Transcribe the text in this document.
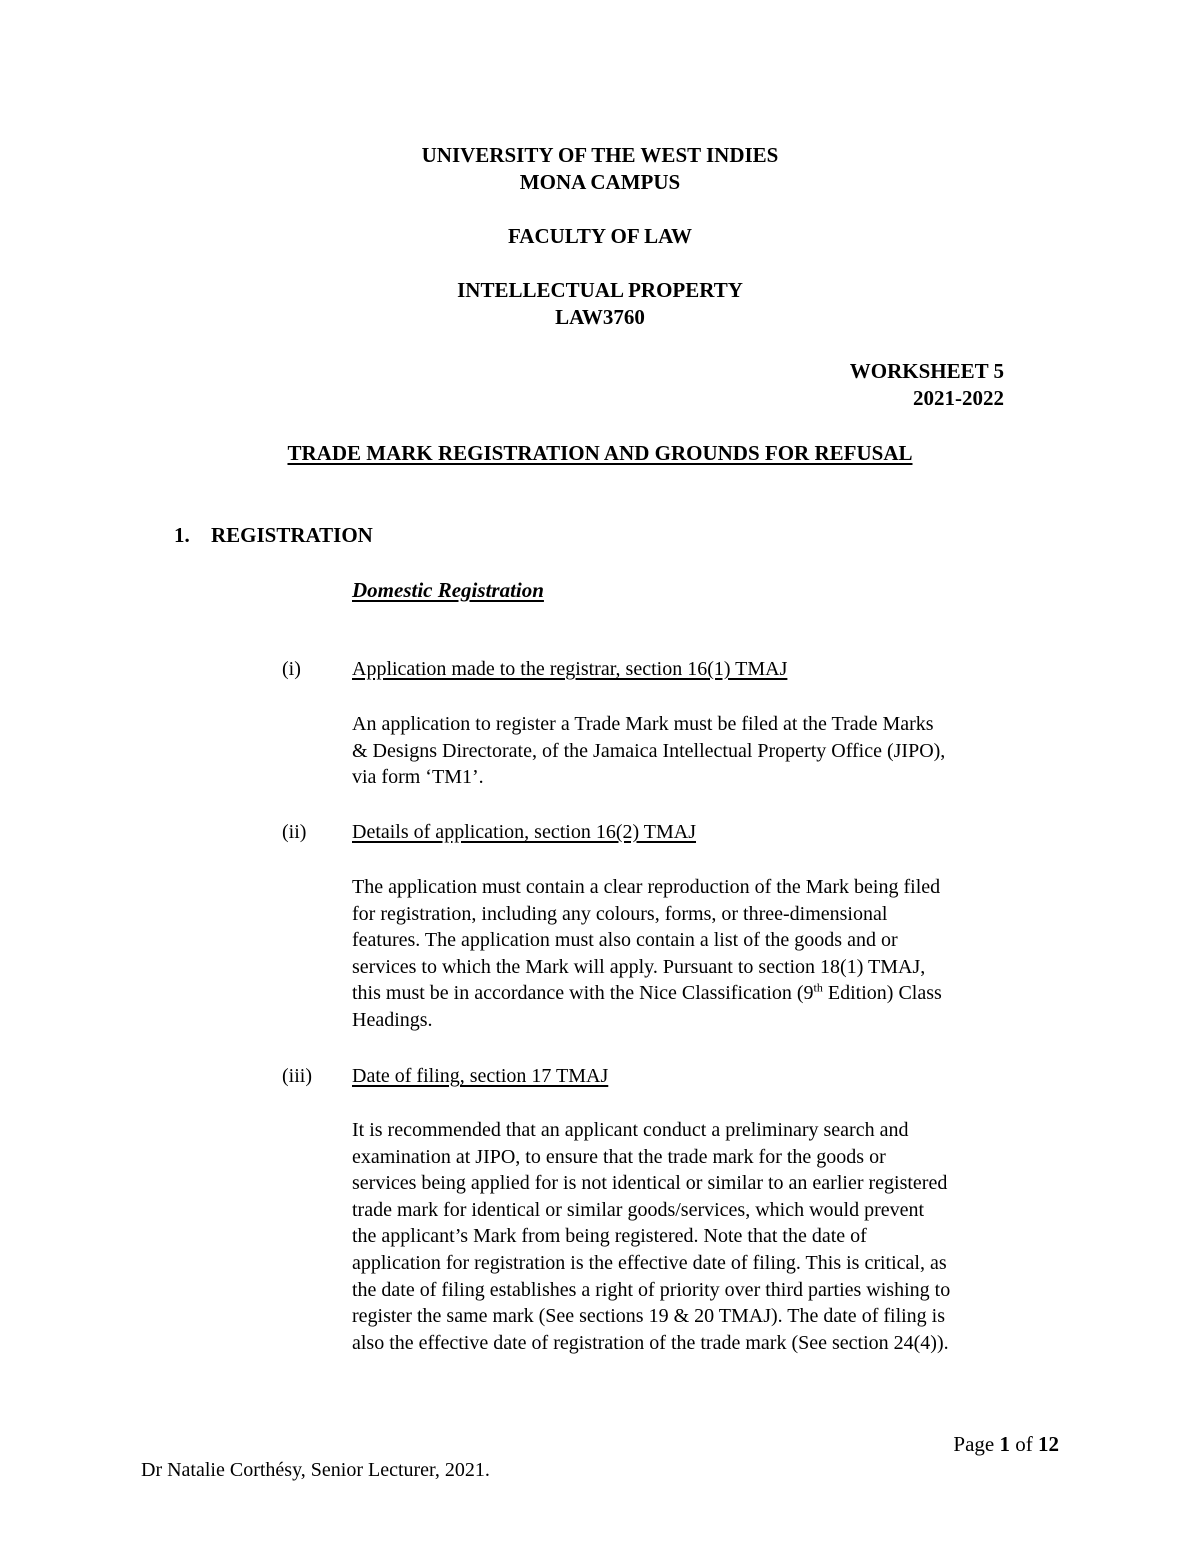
UNIVERSITY OF THE WEST INDIES
MONA CAMPUS
FACULTY OF LAW
INTELLECTUAL PROPERTY
LAW3760
WORKSHEET 5
2021-2022
TRADE MARK REGISTRATION AND GROUNDS FOR REFUSAL
1. REGISTRATION
Domestic Registration
(i)	Application made to the registrar, section 16(1) TMAJ
An application to register a Trade Mark must be filed at the Trade Marks
& Designs Directorate, of the Jamaica Intellectual Property Office (JIPO),
via form ‘TM1’.
(ii) Details of application, section 16(2) TMAJ
The application must contain a clear reproduction of the Mark being filed
for registration, including any colours, forms, or three-dimensional
features. The application must also contain a list of the goods and or
services to which the Mark will apply. Pursuant to section 18(1) TMAJ,
this must be in accordance with the Nice Classification (9th Edition) Class
Headings.
(iii) Date of filing, section 17 TMAJ
It is recommended that an applicant conduct a preliminary search and
examination at JIPO, to ensure that the trade mark for the goods or
services being applied for is not identical or similar to an earlier registered
trade mark for identical or similar goods/services, which would prevent
the applicant’s Mark from being registered. Note that the date of
application for registration is the effective date of filing. This is critical, as
the date of filing establishes a right of priority over third parties wishing to
register the same mark (See sections 19 & 20 TMAJ). The date of filing is
also the effective date of registration of the trade mark (See section 24(4)).
Page 1 of 12
Dr Natalie Corthésy, Senior Lecturer, 2021.
